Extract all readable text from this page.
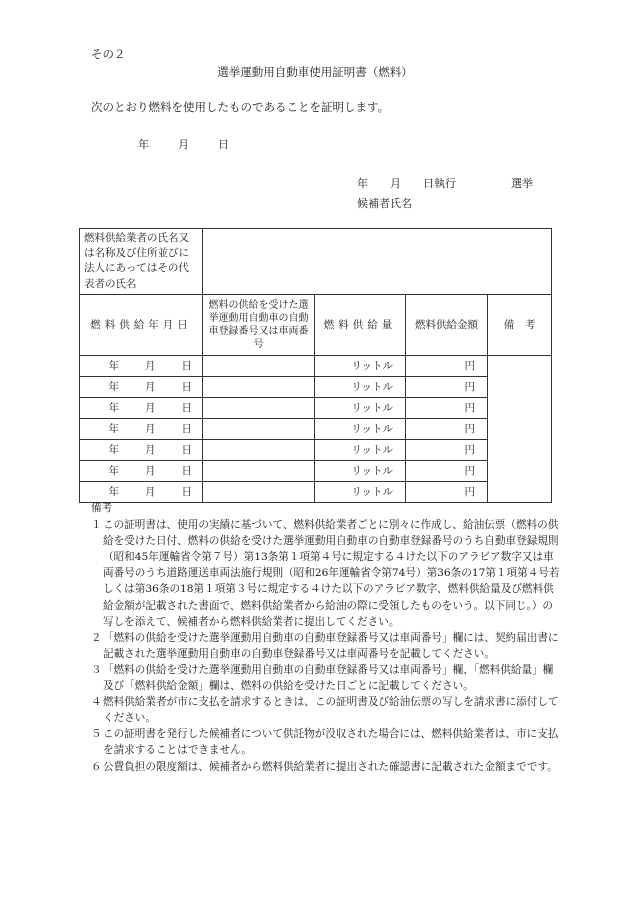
その２
選挙運動用自動車使用証明書（燃料）
次のとおり燃料を使用したものであることを証明します。
年	月	日
年　　月　　日執行　　　　　選挙
候補者氏名
燃料供給業者の氏名又は名称及び住所並びに法人にあってはその代表者の氏名				

燃料供給年月日	燃料の供給を受けた選挙運動用自動車の自動車登録番号又は車両番号	燃料供給量	燃料供給金額	備　考
年 月 日		リットル	円	
年 月 日		リットル	円	
年 月 日		リットル	円	
年 月 日		リットル	円	
年 月 日		リットル	円	
年 月 日		リットル	円	
年 月 日		リットル	円	
備考
１ この証明書は、使用の実績に基づいて、燃料供給業者ごとに別々に作成し、給油伝票（燃料の供給を受けた日付、燃料の供給を受けた選挙運動用自動車の自動車登録番号のうち自動車登録規則（昭和45年運輸省令第７号）第13条第１項第４号に規定する４けた以下のアラビア数字又は車両番号のうち道路運送車両法施行規則（昭和26年運輸省令第74号）第36条の17第１項第４号若しくは第36条の18第１項第３号に規定する４けた以下のアラビア数字、燃料供給量及び燃料供給金額が記載された書面で、燃料供給業者から給油の際に受領したものをいう。以下同じ。）の写しを添えて、候補者から燃料供給業者に提出してください。
２ 「燃料の供給を受けた選挙運動用自動車の自動車登録番号又は車両番号」欄には、契約届出書に記載された選挙運動用自動車の自動車登録番号又は車両番号を記載してください。
３ 「燃料の供給を受けた選挙運動用自動車の自動車登録番号又は車両番号」欄、「燃料供給量」欄及び「燃料供給金額」欄は、燃料の供給を受けた日ごとに記載してください。
４ 燃料供給業者が市に支払を請求するときは、この証明書及び給油伝票の写しを請求書に添付してください。
５ この証明書を発行した候補者について供託物が没収された場合には、燃料供給業者は、市に支払を請求することはできません。
６ 公費負担の限度額は、候補者から燃料供給業者に提出された確認書に記載された金額までです。
